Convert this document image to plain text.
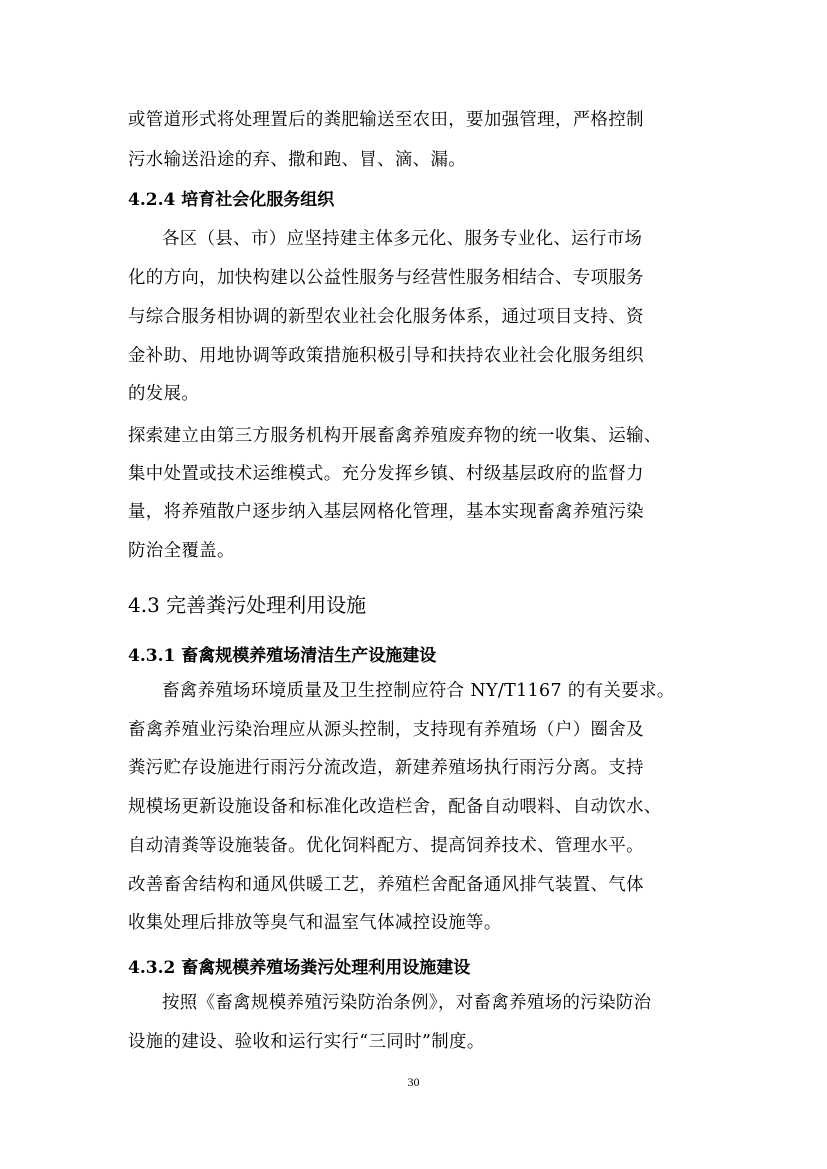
或管道形式将处理置后的粪肥输送至农田，要加强管理，严格控制
污水输送沿途的弃、撒和跑、冒、滴、漏。
4.2.4 培育社会化服务组织
各区（县、市）应坚持建主体多元化、服务专业化、运行市场
化的方向，加快构建以公益性服务与经营性服务相结合、专项服务
与综合服务相协调的新型农业社会化服务体系，通过项目支持、资
金补助、用地协调等政策措施积极引导和扶持农业社会化服务组织
的发展。
探索建立由第三方服务机构开展畜禽养殖废弃物的统一收集、运输、
集中处置或技术运维模式。充分发挥乡镇、村级基层政府的监督力
量，将养殖散户逐步纳入基层网格化管理，基本实现畜禽养殖污染
防治全覆盖。
4.3 完善粪污处理利用设施
4.3.1 畜禽规模养殖场清洁生产设施建设
畜禽养殖场环境质量及卫生控制应符合 NY/T1167 的有关要求。
畜禽养殖业污染治理应从源头控制，支持现有养殖场（户）圈舍及
粪污贮存设施进行雨污分流改造，新建养殖场执行雨污分离。支持
规模场更新设施设备和标准化改造栏舍，配备自动喂料、自动饮水、
自动清粪等设施装备。优化饲料配方、提高饲养技术、管理水平。
改善畜舍结构和通风供暖工艺，养殖栏舍配备通风排气装置、气体
收集处理后排放等臭气和温室气体减控设施等。
4.3.2 畜禽规模养殖场粪污处理利用设施建设
按照《畜禽规模养殖污染防治条例》，对畜禽养殖场的污染防治
设施的建设、验收和运行实行“三同时”制度。
30
